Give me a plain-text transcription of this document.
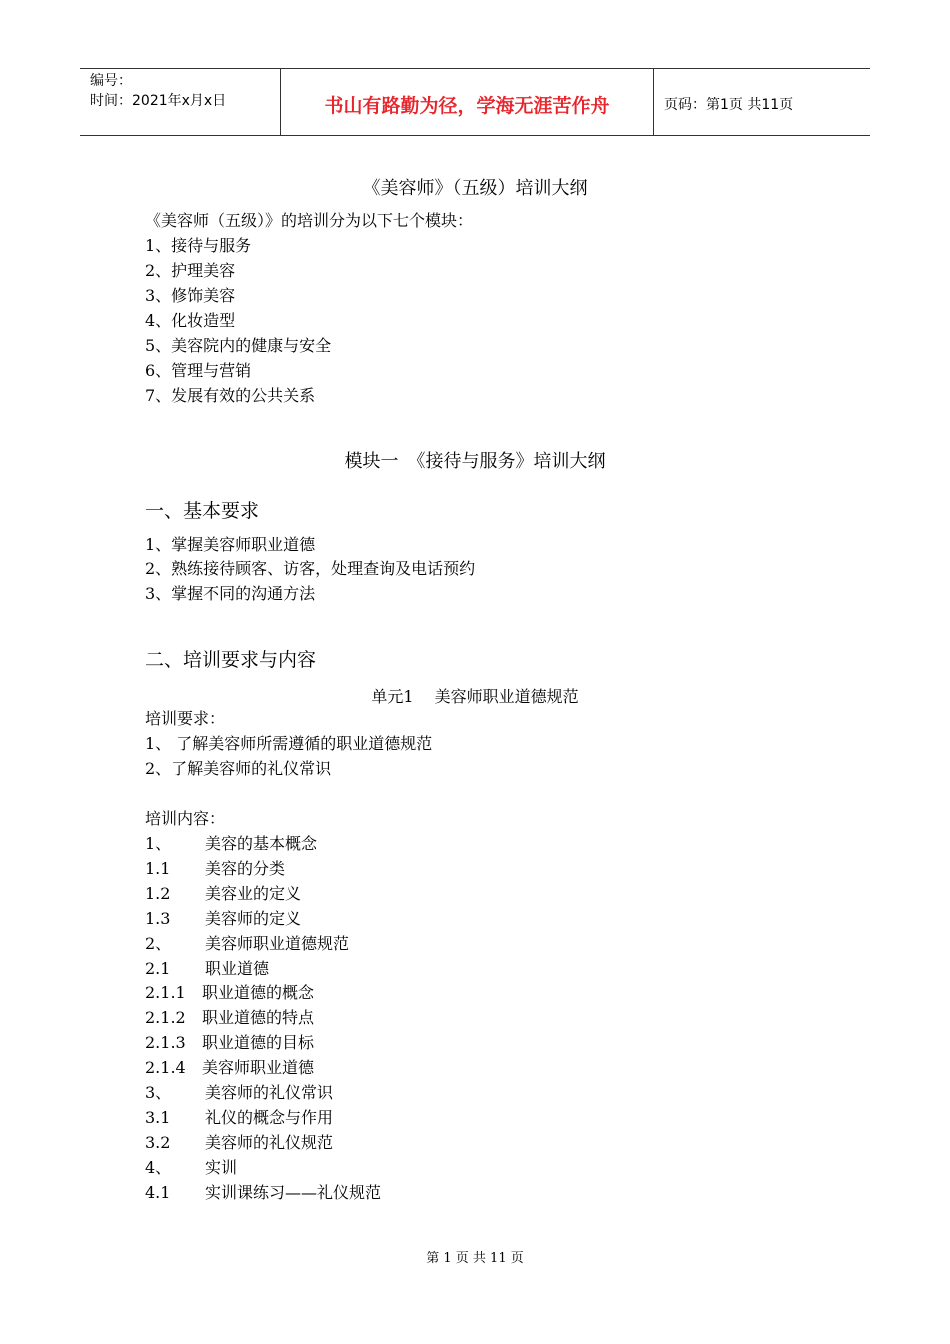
编号：
时间：2021年x月x日	书山有路勤为径，学海无涯苦作舟	页码：第1页 共11页
《美容师》（五级）培训大纲
《美容师（五级）》的培训分为以下七个模块：
1、接待与服务
2、护理美容
3、修饰美容
4、化妆造型
5、美容院内的健康与安全
6、管理与营销
7、发展有效的公共关系
模块一　《接待与服务》培训大纲
一、基本要求
1、掌握美容师职业道德
2、熟练接待顾客、访客，处理查询及电话预约
3、掌握不同的沟通方法
二、培训要求与内容
单元1　 美容师职业道德规范
培训要求：
1、 了解美容师所需遵循的职业道德规范
2、了解美容师的礼仪常识
培训内容：
1、 美容的基本概念
1.1 美容的分类
1.2 美容业的定义
1.3 美容师的定义
2、 美容师职业道德规范
2.1 职业道德
2.1.1 职业道德的概念
2.1.2 职业道德的特点
2.1.3 职业道德的目标
2.1.4 美容师职业道德
3、 美容师的礼仪常识
3.1 礼仪的概念与作用
3.2 美容师的礼仪规范
4、 实训
4.1 实训课练习——礼仪规范
第 1 页 共 11 页
